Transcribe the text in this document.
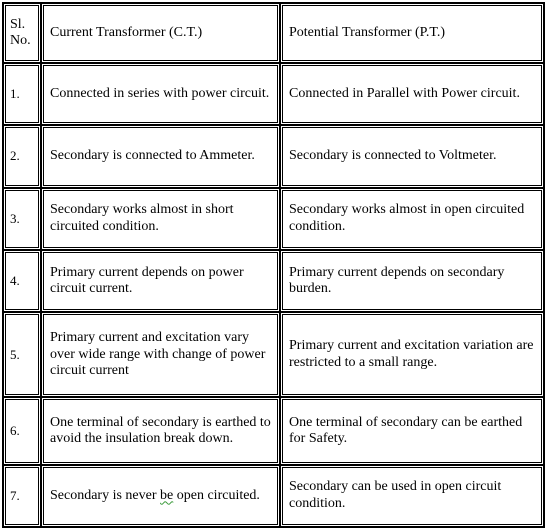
Sl. No.	Current Transformer (C.T.)	Potential Transformer (P.T.)
1.	Connected in series with power circuit.	Connected in Parallel with Power circuit.
2.	Secondary is connected to Ammeter.	Secondary is connected to Voltmeter.
3.	Secondary works almost in short circuited condition.	Secondary works almost in open circuited condition.
4.	Primary current depends on power circuit current.	Primary current depends on secondary burden.
5.	Primary current and excitation vary over wide range with change of power circuit current	Primary current and excitation variation are restricted to a small range.
6.	One terminal of secondary is earthed to avoid the insulation break down.	One terminal of secondary can be earthed for Safety.
7.	Secondary is never be open circuited.	Secondary can be used in open circuit condition.
